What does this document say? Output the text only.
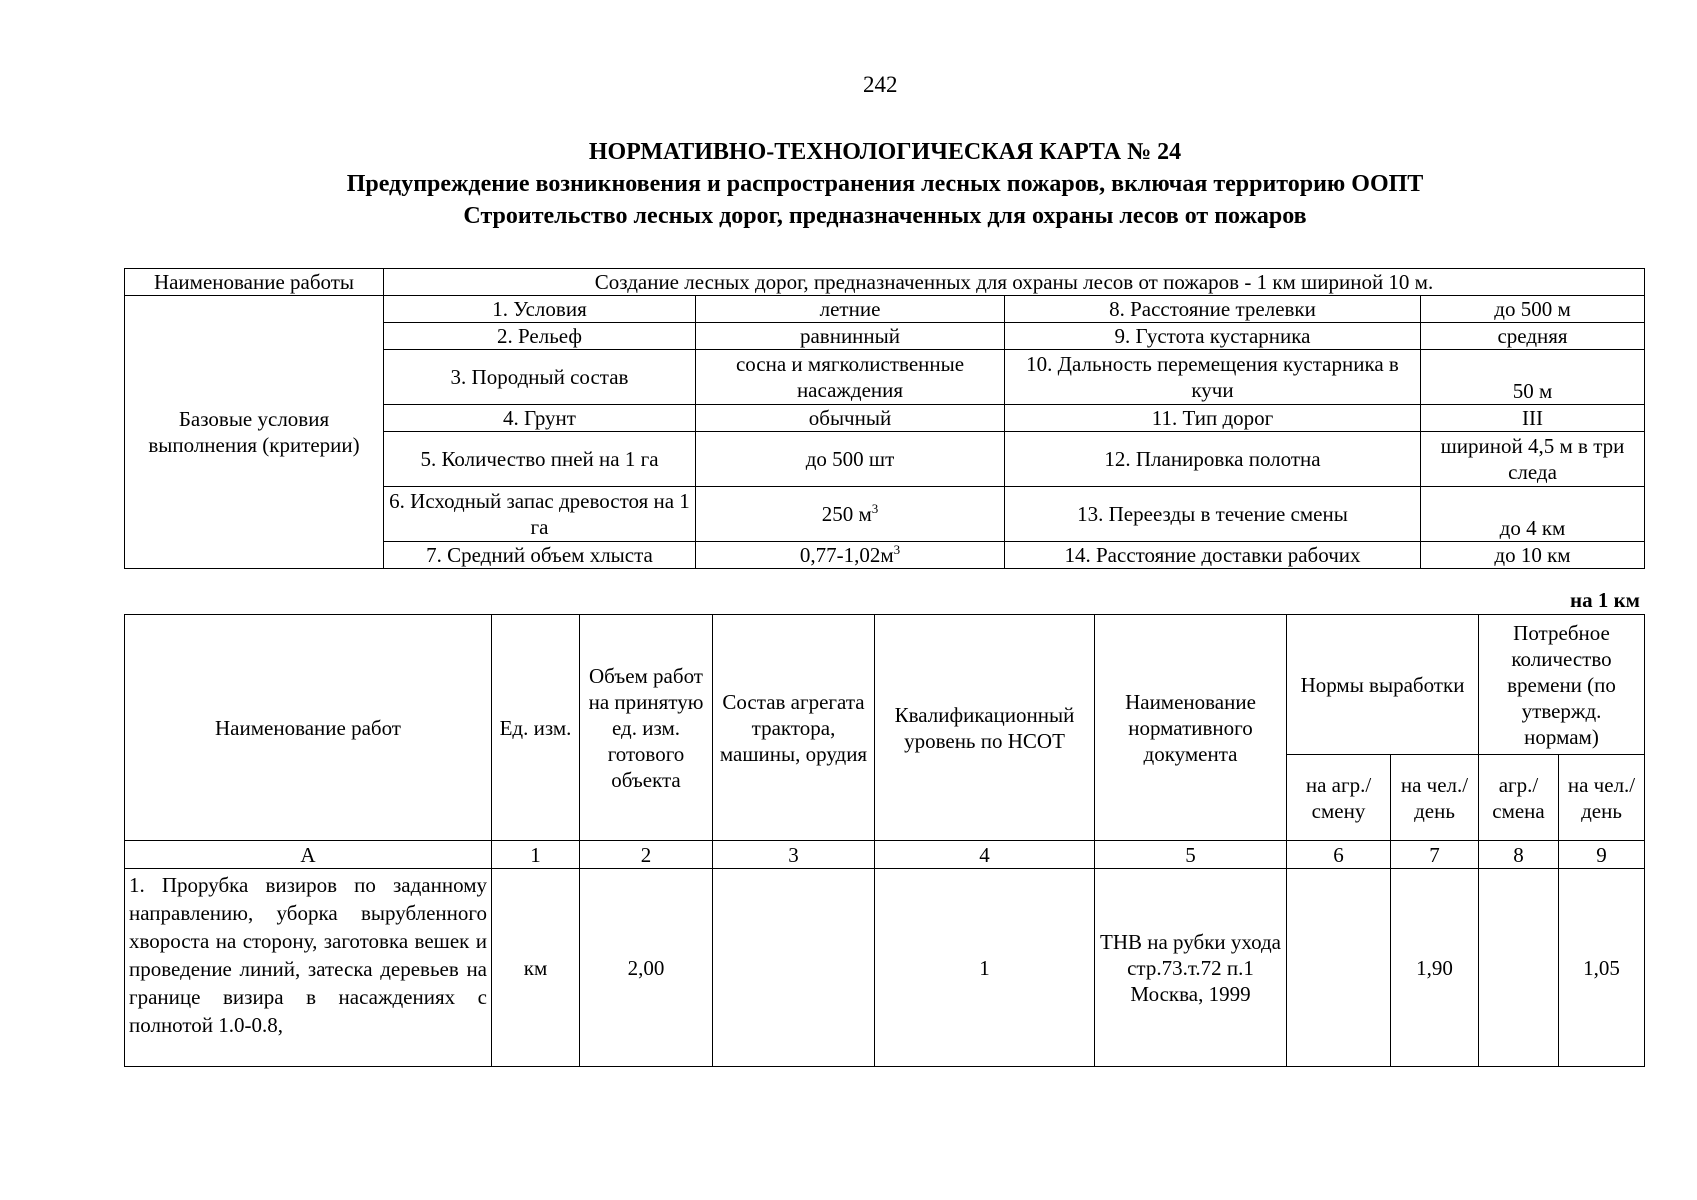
242
НОРМАТИВНО-ТЕХНОЛОГИЧЕСКАЯ КАРТА № 24
Предупреждение возникновения и распространения лесных пожаров, включая территорию ООПТ
Строительство лесных дорог, предназначенных для охраны лесов от пожаров
Наименование работы	Создание лесных дорог, предназначенных для охраны лесов от пожаров - 1 км шириной 10 м.			
Базовые условия выполнения (критерии)	1. Условия	летние	8. Расстояние трелевки	до 500 м
	2. Рельеф	равнинный	9. Густота кустарника	средняя
	3. Породный состав	сосна и мягколиственные насаждения	10. Дальность перемещения кустарника в кучи	50 м
	4. Грунт	обычный	11. Тип дорог	III
	5. Количество пней на 1 га	до 500 шт	12. Планировка полотна	шириной 4,5 м в три следа
	6. Исходный запас древостоя на 1 га	250 $м^3$	13. Переезды в течение смены	до 4 км
	7. Средний объем хлыста	$0,77-1,02м^3$	14. Расстояние доставки рабочих	до 10 км
на 1 км
Наименование работ	Ед. изм.	Объем работ на принятую ед. изм. готового объекта	Состав агрегата трактора, машины, орудия	Квалификационный уровень по НСОТ	Наименование нормативного документа	Нормы выработки		Потребное количество времени (по утвержд. нормам)	
						на агр./ смену	на чел./ день	агр./ смена	на чел./ день
А	1	2	3	4	5	6	7	8	9
1. Прорубка визиров по заданному направлению, уборка вырубленного хвороста на сторону, заготовка вешек и проведение линий, затеска деревьев на границе визира в насаждениях с полнотой 1.0-0.8,	км	2,00		1	ТНВ на рубки ухода стр.73.т.72 п.1 Москва, 1999		1,90		1,05
